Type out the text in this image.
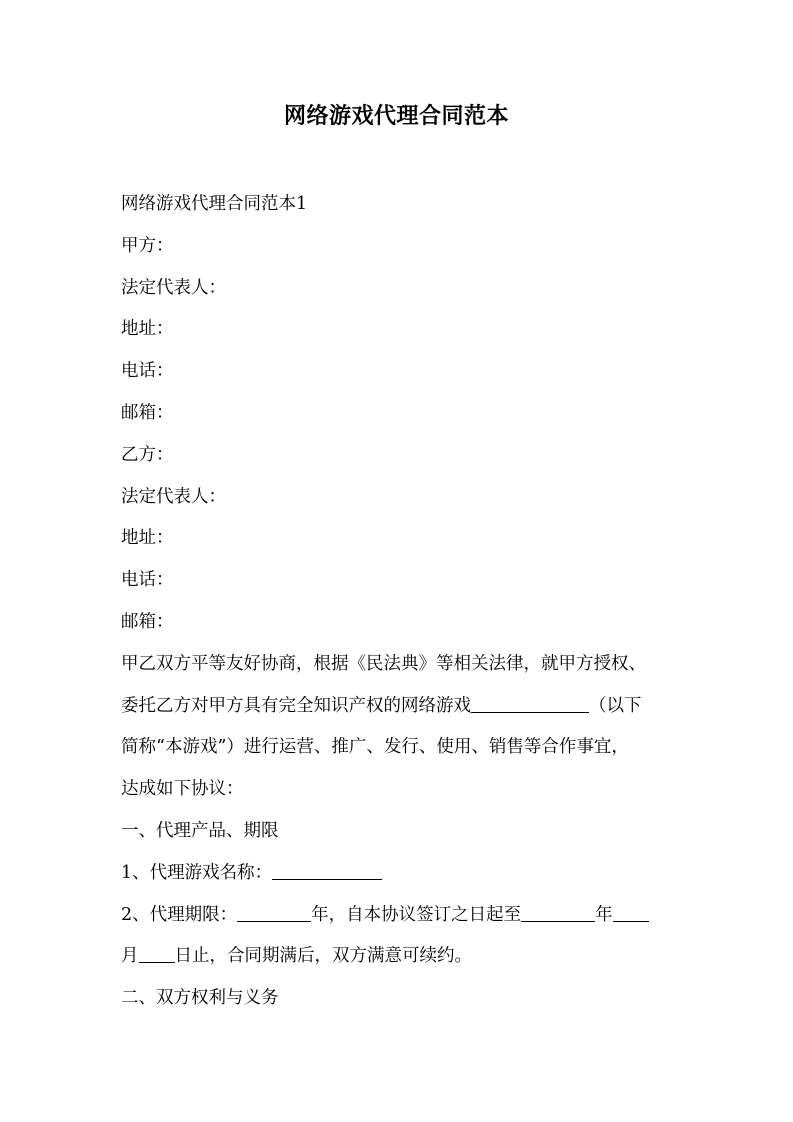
网络游戏代理合同范本
网络游戏代理合同范本1
甲方：
法定代表人：
地址：
电话：
邮箱：
乙方：
法定代表人：
地址：
电话：
邮箱：
甲乙双方平等友好协商，根据《民法典》等相关法律，就甲方授权、
委托乙方对甲方具有完全知识产权的网络游戏	（以下
简称“本游戏”）进行运营、推广、发行、使用、销售等合作事宜，
达成如下协议：
一、代理产品、期限
1、代理游戏名称：
2、代理期限：	年，自本协议签订之日起至	年
月 日止，合同期满后，双方满意可续约。
二、双方权利与义务
